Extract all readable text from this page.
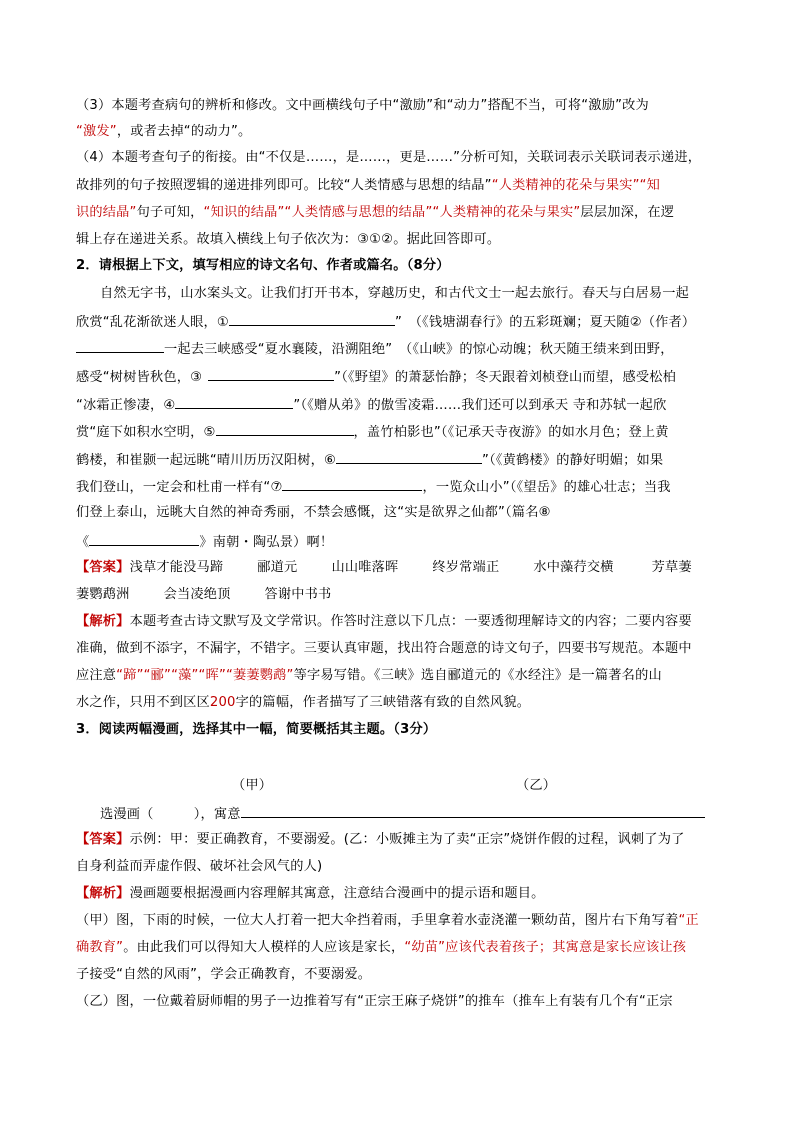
（3）本题考查病句的辨析和修改。文中画横线句子中“激励”和“动力”搭配不当，可将“激励”改为
“激发”，或者去掉“的动力”。
（4）本题考查句子的衔接。由“不仅是……，是……，更是……”分析可知，关联词表示关联词表示递进，
故排列的句子按照逻辑的递进排列即可。比较“人类情感与思想的结晶”“人类精神的花朵与果实”“知
识的结晶”句子可知，“知识的结晶”“人类情感与思想的结晶”“人类精神的花朵与果实”层层加深，在逻
辑上存在递进关系。故填入横线上句子依次为：③①②。据此回答即可。
2．请根据上下文，填写相应的诗文名句、作者或篇名。（8分）
自然无字书，山水案头文。让我们打开书本，穿越历史，和古代文士一起去旅行。春天与白居易一起
欣赏“乱花渐欲迷人眼，①	”　（《钱塘湖春行》的五彩斑斓；夏天随②（作者）
一起去三峡感受“夏水襄陵，沿溯阻绝”　（《山峡》的惊心动魄；秋天随王绩来到田野，
感受“树树皆秋色，③	”（《野望》的萧瑟怡静；冬天跟着刘桢登山而望，感受松柏
“冰霜正惨凄，④	”（《赠从弟》的傲雪凌霜……我们还可以到承天 寺和苏轼一起欣
赏“庭下如积水空明，⑤	，盖竹柏影也”（《记承天寺夜游》的如水月色；登上黄
鹤楼，和崔颢一起远眺“晴川历历汉阳树，⑥	”（《黄鹤楼》的静好明媚；如果
我们登山，一定会和杜甫一样有“⑦	，一览众山小”（《望岳》的雄心壮志；当我
们登上泰山，远眺大自然的神奇秀丽，不禁会感慨，这“实是欲界之仙都”（篇名⑧
《	》南朝・陶弘景）啊！
【答案】浅草才能没马蹄	郦道元	山山唯落晖	终岁常端正	水中藻荇交横	芳草萋
萋鹦鹉洲	会当凌绝顶	答谢中书书
【解析】本题考查古诗文默写及文学常识。作答时注意以下几点：一要透彻理解诗文的内容；二要内容要
准确，做到不添字，不漏字，不错字。三要认真审题，找出符合题意的诗文句子，四要书写规范。本题中
应注意“蹄”“郦”“藻”“晖”“萋萋鹦鹉”等字易写错。《三峡》选自郦道元的《水经注》是一篇著名的山
水之作，只用不到区区200字的篇幅，作者描写了三峡错落有致的自然风貌。
3．阅读两幅漫画，选择其中一幅，简要概括其主题。（3分）
（甲）	（乙）
选漫画（　　　），寓意
【答案】示例：甲：要正确教育，不要溺爱。(乙：小贩摊主为了卖“正宗”烧饼作假的过程，讽刺了为了
自身利益而弄虚作假、破坏社会风气的人)
【解析】漫画题要根据漫画内容理解其寓意，注意结合漫画中的提示语和题目。
（甲）图，下雨的时候，一位大人打着一把大伞挡着雨，手里拿着水壶浇灌一颗幼苗，图片右下角写着“正
确教育”。由此我们可以得知大人模样的人应该是家长，“幼苗”应该代表着孩子；其寓意是家长应该让孩
子接受“自然的风雨”，学会正确教育，不要溺爱。
（乙）图，一位戴着厨师帽的男子一边推着写有“正宗王麻子烧饼”的推车（推车上有装有几个有“正宗
